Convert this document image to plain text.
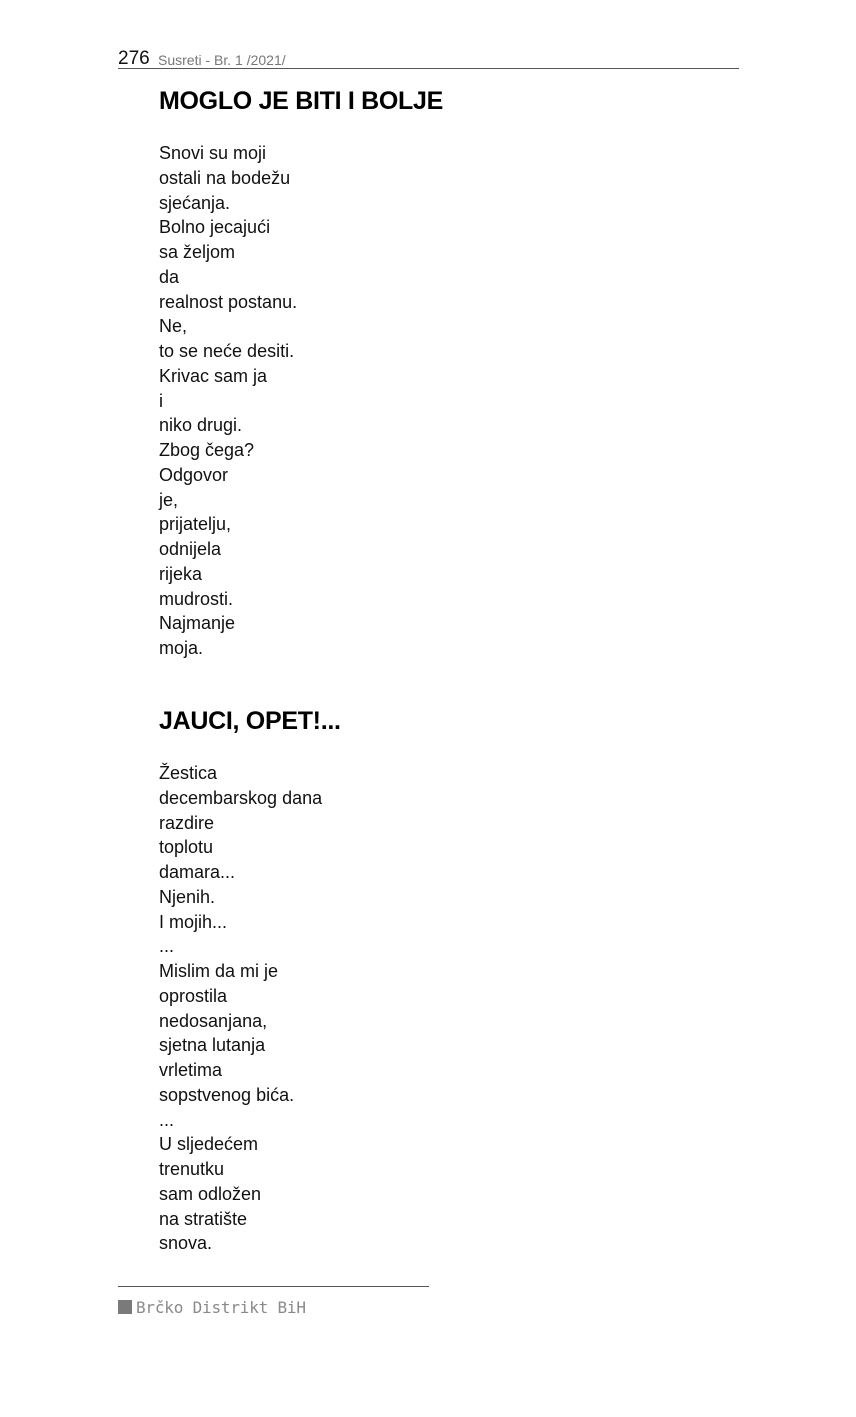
276 Susreti - Br. 1 /2021/
MOGLO JE BITI I BOLJE
Snovi su moji
ostali na bodežu
sjećanja.
Bolno jecajući
sa željom
da
realnost postanu.
Ne,
to se neće desiti.
Krivac sam ja
i
niko drugi.
Zbog čega?
Odgovor
je,
prijatelju,
odnijela
rijeka
mudrosti.
Najmanje
moja.
JAUCI, OPET!...
Žestica
decembarskog dana
razdire
toplotu
damara...
Njenih.
I mojih...
...
Mislim da mi je
oprostila
nedosanjana,
sjetna lutanja
vrletima
sopstvenog bića.
...
U sljedećem
trenutku
sam odložen
na stratište
snova.
Brčko Distrikt BiH
